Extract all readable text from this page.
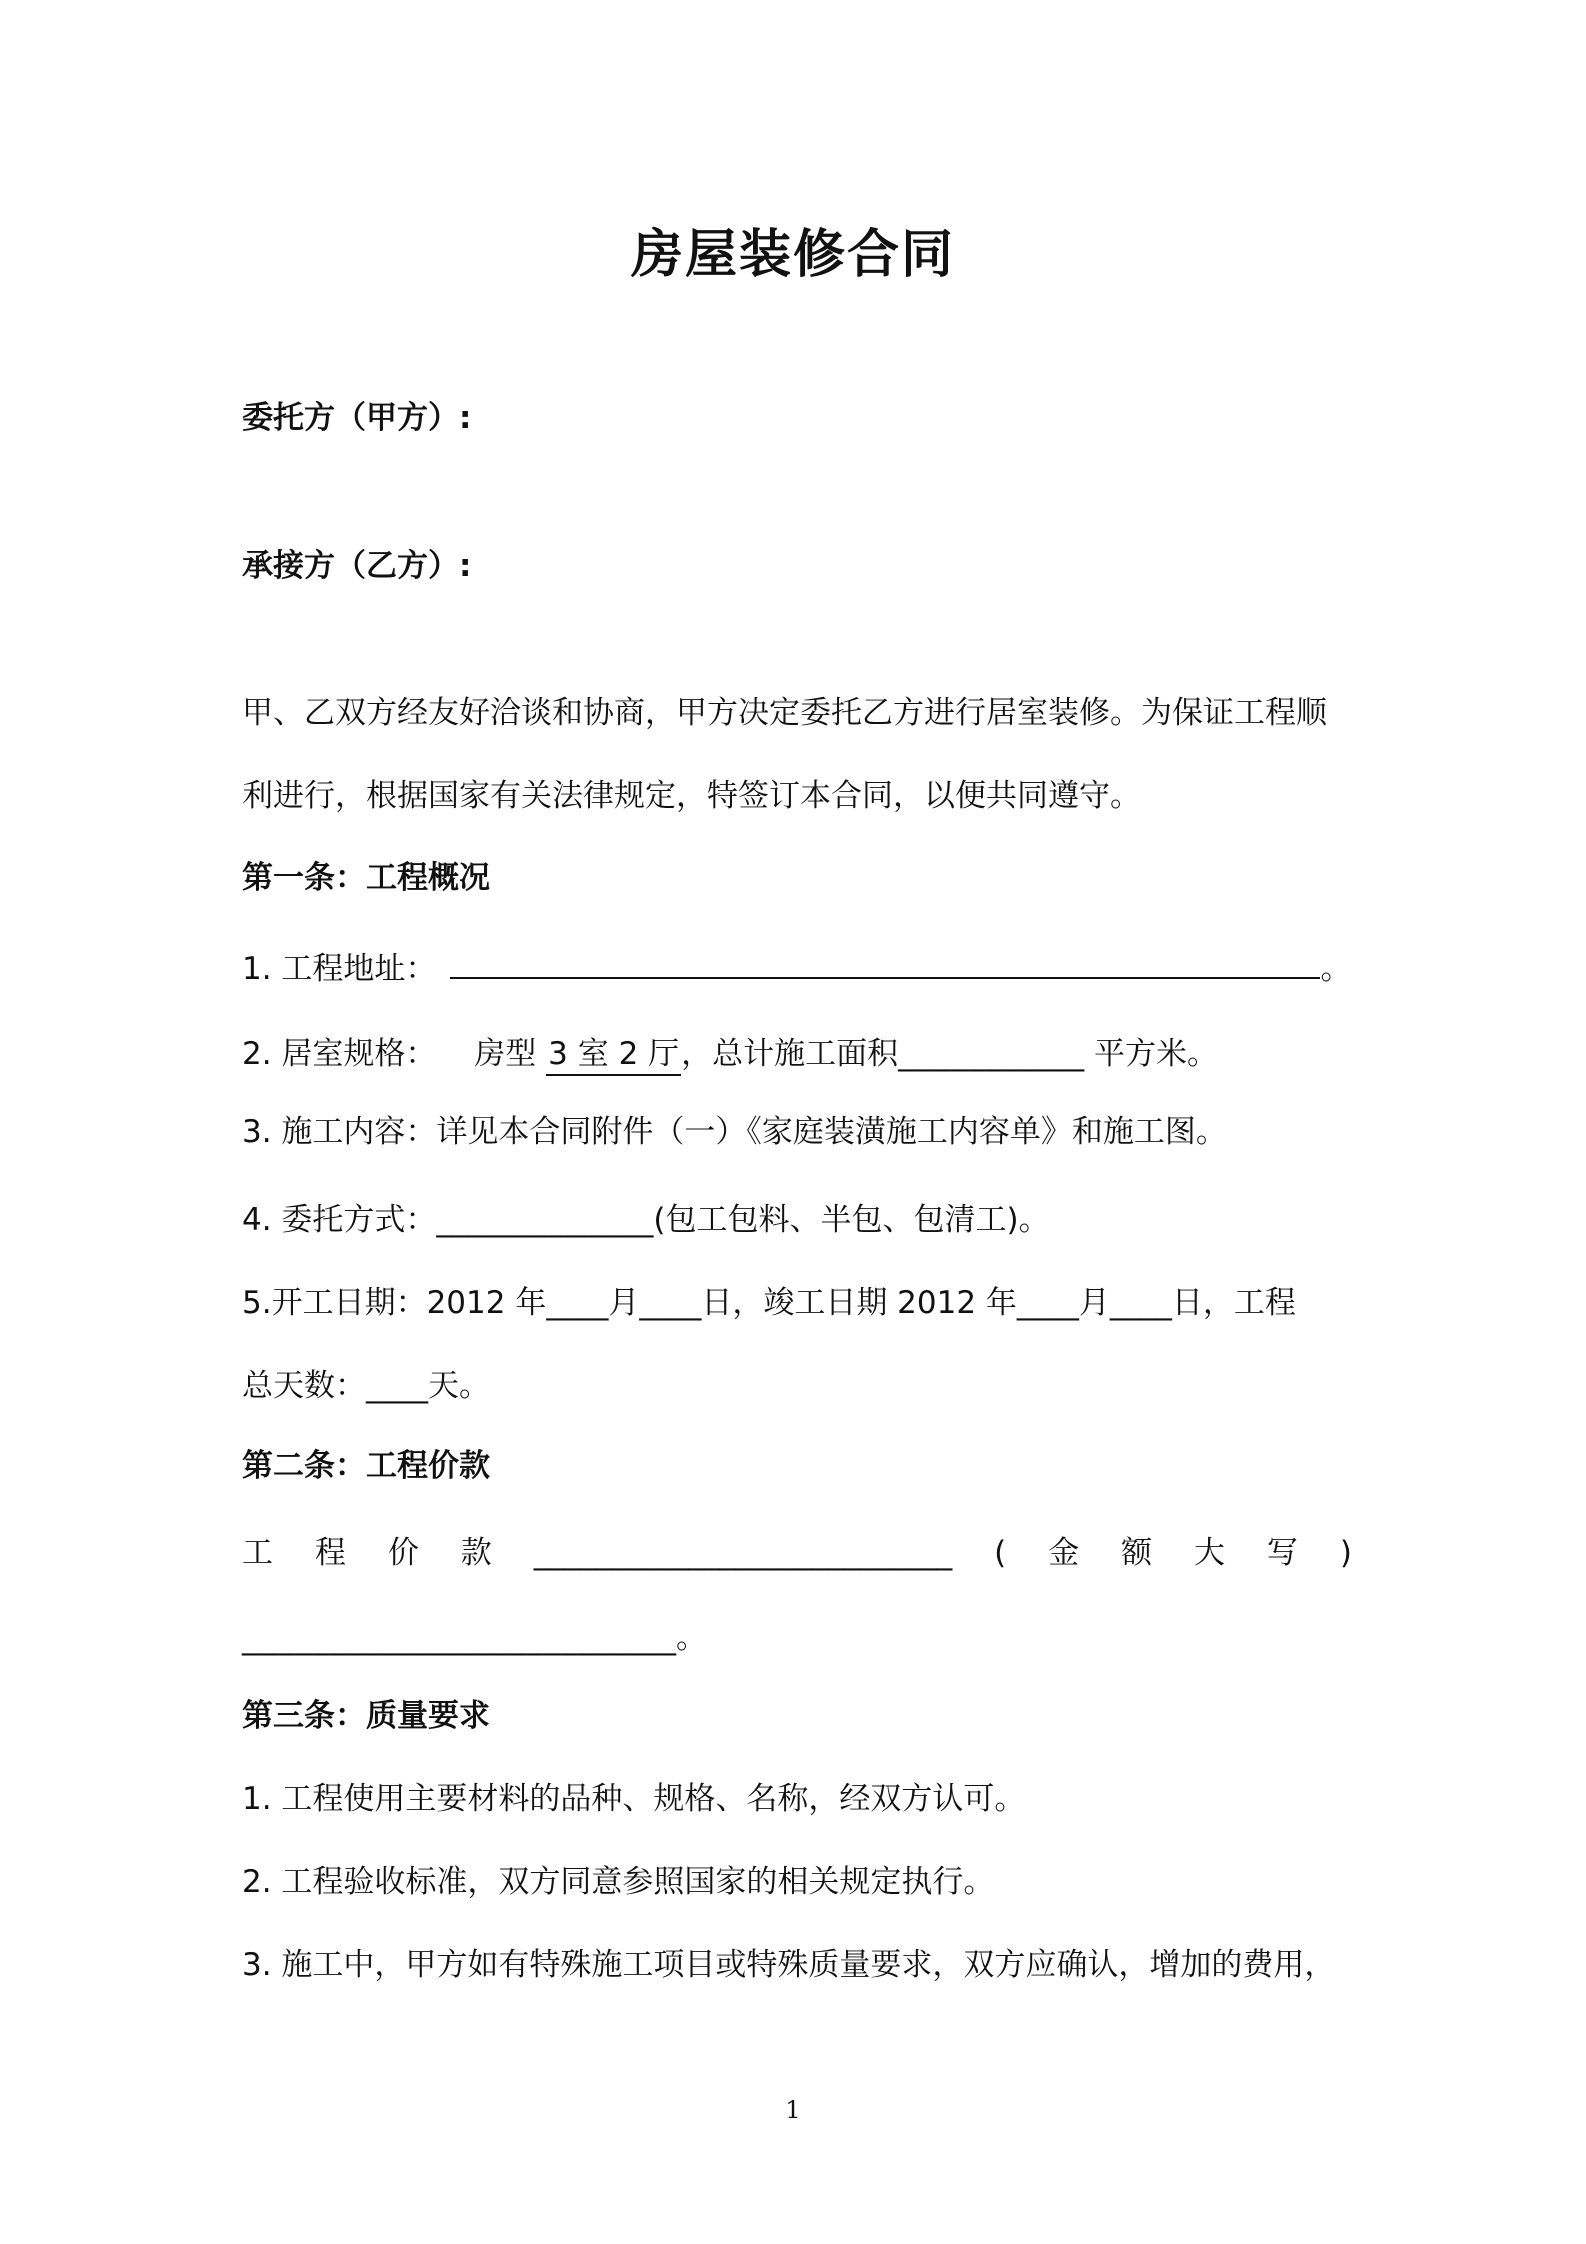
房屋装修合同
委托方（甲方）:
承接方（乙方）:
甲、乙双方经友好洽谈和协商，甲方决定委托乙方进行居室装修。为保证工程顺
利进行，根据国家有关法律规定，特签订本合同，以便共同遵守。
第一条：工程概况
1. 工程地址：	。
2. 居室规格： 房型 3 室 2 厅，总计施工面积____________ 平方米。
3. 施工内容：详见本合同附件（一）《家庭装潢施工内容单》和施工图。
4. 委托方式：______________(包工包料、半包、包清工)。
5.开工日期：2012 年____月____日，竣工日期 2012 年____月____日，工程
总天数：____天。
第二条：工程价款
工 程 价 款 ___________________________ ( 金 额 大 写 )
____________________________。
第三条：质量要求
1. 工程使用主要材料的品种、规格、名称，经双方认可。
2. 工程验收标准，双方同意参照国家的相关规定执行。
3. 施工中，甲方如有特殊施工项目或特殊质量要求，双方应确认，增加的费用，
1
